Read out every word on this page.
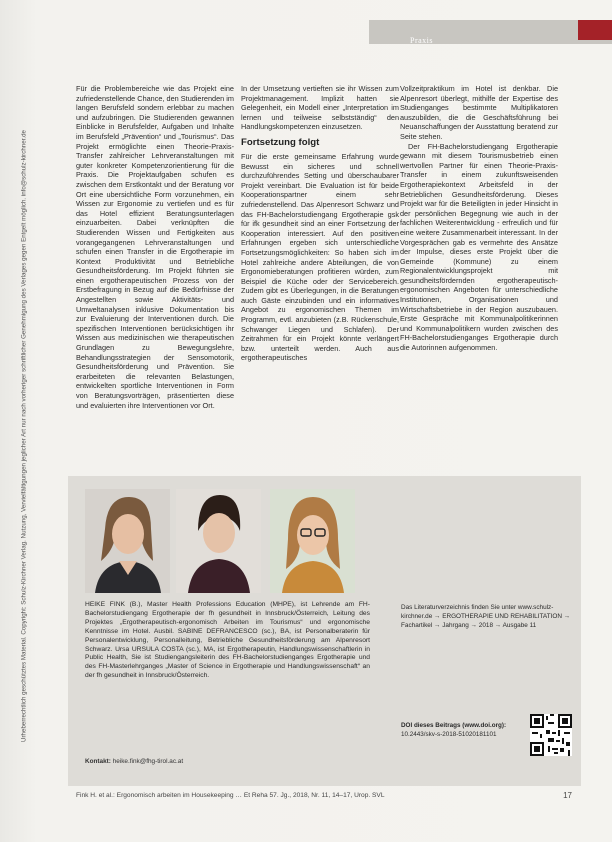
Praxis
Urheberrechtlich geschütztes Material. Copyright: Schulz-Kirchner Verlag. Nutzung, Vervielfältigungen jeglicher Art nur nach vorheriger schriftlicher Genehmigung des Verlages gegen Entgelt möglich. info@schulz-kirchner.de

Für die Problembereiche wie das Projekt eine zufriedenstellende Chance, den Studierenden im langen Berufsfeld sondern erlebbar zu machen und aufzubringen. Die Studierenden gewannen Einblicke in Berufsfelder, Aufgaben und Inhalte im Berufsfeld „Prävention“ und „Tourismus“. Das Projekt ermöglichte einen Theorie-Praxis-Transfer zahlreicher Lehrveranstaltungen mit guter konkreter Kompetenzorientierung für die Praxis. Die Projektaufgaben schufen es zwischen dem Erstkontakt und der Beratung vor Ort eine ubersichtliche Form vorzunehmen, ein Wissen zur Ergonomie zu vertiefen und es für das Hotel effizient Beratungsunterlagen einzuarbeiten. Dabei verknüpften die Studierenden Wissen und Fertigkeiten aus vorangegangenen Lehrveranstaltungen und schufen einen Transfer in die Ergotherapie im Kontext Produktivität und Betriebliche Gesundheitsförderung. Im Projekt führten sie einen ergotherapeutischen Prozess von der Erstbefragung in Bezug auf die Bedürfnisse der Angestellten sowie Aktivitäts- und Umweltanalysen inklusive Dokumentation bis zur Evaluierung der Interventionen durch. Die spezifischen Interventionen berücksichtigen ihr Wissen aus medizinischen wie therapeutischen Grundlagen zu Bewegungslehre, Behandlungsstrategien der Sensomotorik, Gesundheitsförderung und Prävention. Sie erarbeiteten die relevanten Belastungen, entwickelten sportliche Interventionen in Form von Beratungsvorträgen, präsentierten diese und evaluierten ihre Interventionen vor Ort.

In der Umsetzung vertieften sie ihr Wissen zum Projektmanagement. Implizit hatten sie Gelegenheit, ein Modell einer „Interpretation im lernen und teilweise selbstständig“ den Handlungskompetenzen einzusetzen.

Fortsetzung folgt

Für die erste gemeinsame Erfahrung wurde Bewusst ein sicheres und schnell durchzuführendes Setting und überschaubarer Projekt vereinbart. Die Evaluation ist für beide Kooperationspartner einem sehr zufriedenstellend. Das Alpenresort Schwarz und das FH-Bachelorstudiengang Ergotherapie gsk für ifk gesundheit sind an einer Fortsetzung der Kooperation interessiert. Auf den positiven Erfahrungen ergeben sich unterschiedliche Fortsetzungsmöglichkeiten: So haben sich im Hotel zahlreiche andere Abteilungen, die von Ergonomieberatungen profitieren würden, zum Beispiel die Küche oder der Servicebereich. Zudem gibt es Überlegungen, in die Beratungen auch Gäste einzubinden und ein informatives Angebot zu ergonomischen Themen im Programm, evtl. anzubieten (z.B. Rückenschule, Schwanger Liegen und Schlafen). Der Zeitrahmen für ein Projekt könnte verlängert bzw. unterteilt werden. Auch aus ergotherapeutisches

Vollzeitpraktikum im Hotel ist denkbar. Die Alpenresort überlegt, mithilfe der Expertise des Studienganges bestimmte Multiplikatoren auszubilden, die die Geschäftsführung bei Neuanschaffungen der Ausstattung beratend zur Seite stehen.

Der FH-Bachelorstudiengang Ergotherapie gewann mit diesem Tourismusbetrieb einen wertvollen Partner für einen Theorie-Praxis-Transfer in einem zukunftsweisenden Ergotherapiekontext Arbeitsfeld in der Betrieblichen Gesundheitsförderung. Dieses Projekt war für die Beteiligten in jeder Hinsicht in der persönlichen Begegnung wie auch in der fachlichen Weiterentwicklung - erfreulich und für eine weitere Zusammenarbeit interessant. In der Vorgesprächen gab es vermehrte des Ansätze der Impulse, dieses erste Projekt über die Gemeinde (Kommune) zu einem Regionalentwicklungsprojekt mit gesundheitsfördernden ergotherapeutisch-ergonomischen Angeboten für unterschiedliche Institutionen, Organisationen und Wirtschaftsbetriebe in der Region auszubauen. Erste Gespräche mit Kommunalpolitikerinnen und Kommunalpolitikern wurden zwischen des FH-Bachelorstudienganges Ergotherapie durch die Autorinnen aufgenommen.

HEIKE FINK (B.), Master Health Professions Education (MHPE), ist Lehrende am FH-Bachelorstudiengang Ergotherapie der fh gesundheit in Innsbruck/Österreich, Leitung des Projektes „Ergotherapeutisch-ergonomisch Arbeiten im Tourismus“ und ergonomische Kenntnisse im Hotel. Ausbil. SABINE DEFRANCESCO (sc.), BA, ist Personalberaterin für Personalentwicklung, Personalleitung, Betriebliche Gesundheitsförderung am Alpenresort Schwarz. Ursa URSULA COSTA (sc.), MA, ist Ergotherapeutin, Handlungswissenschaftlerin in Public Health, Sie ist Studiengangsleiterin des FH-Bachelorstudienganges Ergotherapie und des FH-Masterlehrganges „Master of Science in Ergotherapie und Handlungswissenschaft“ an der fh gesundheit in Innsbruck/Österreich.
Kontakt: heike.fink@fhg-tirol.ac.at
Das Literaturverzeichnis finden Sie unter www.schulz-kirchner.de → ERGOTHERAPIE UND REHABILITATION → Fachartikel → Jahrgang → 2018 → Ausgabe 11
DOI dieses Beitrags (www.doi.org):
10.2443/skv-s-2018-51020181101
Fink H. et al.: Ergonomisch arbeiten im Housekeeping … Et Reha 57. Jg., 2018, Nr. 11, 14–17, Urop. SVL	17
